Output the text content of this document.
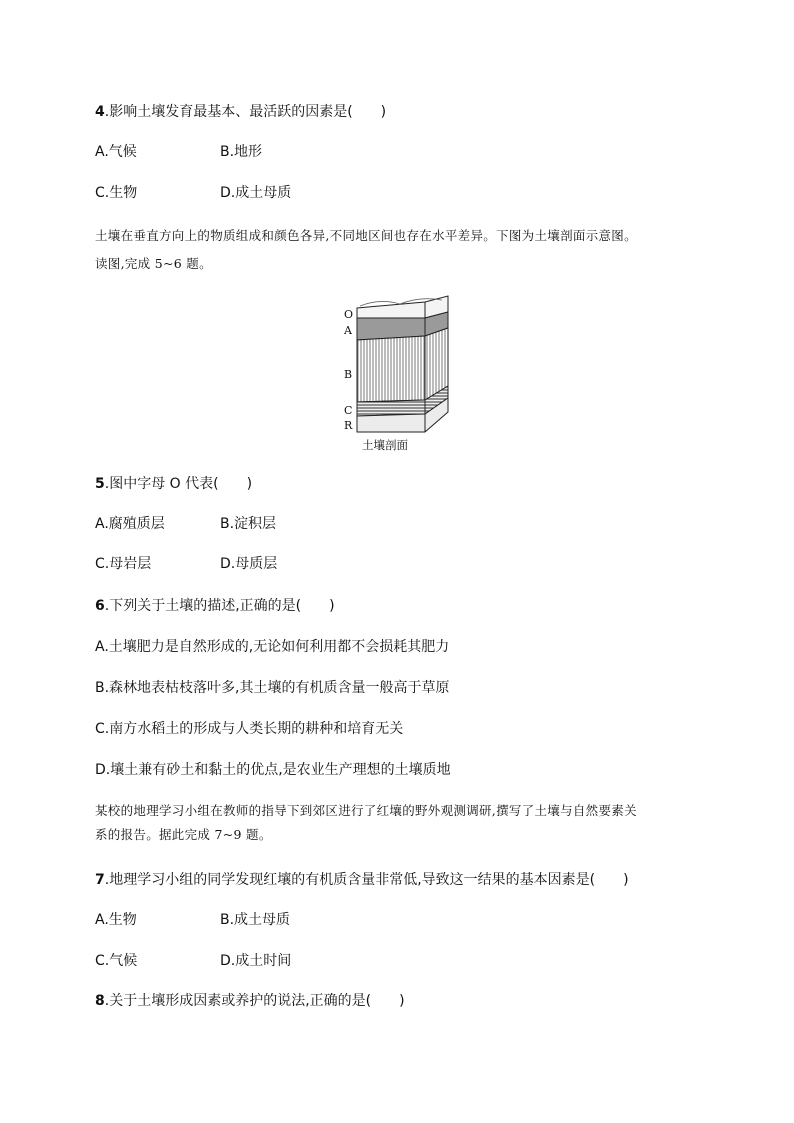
4.影响土壤发育最基本、最活跃的因素是(　　)
A.气候	B.地形
C.生物	D.成土母质

土壤在垂直方向上的物质组成和颜色各异,不同地区间也存在水平差异。下图为土壤剖面示意图。

读图,完成 5~6 题。

O
A
B
C
R
土壤剖面
5.图中字母 O 代表(　　)
A.腐殖质层	B.淀积层
C.母岩层	D.母质层
6.下列关于土壤的描述,正确的是(　　)
A.土壤肥力是自然形成的,无论如何利用都不会损耗其肥力
B.森林地表枯枝落叶多,其土壤的有机质含量一般高于草原
C.南方水稻土的形成与人类长期的耕种和培育无关
D.壤土兼有砂土和黏土的优点,是农业生产理想的土壤质地

某校的地理学习小组在教师的指导下到郊区进行了红壤的野外观测调研,撰写了土壤与自然要素关

系的报告。据此完成 7~9 题。

7.地理学习小组的同学发现红壤的有机质含量非常低,导致这一结果的基本因素是(　　)
A.生物	B.成土母质
C.气候	D.成土时间
8.关于土壤形成因素或养护的说法,正确的是(　　)
